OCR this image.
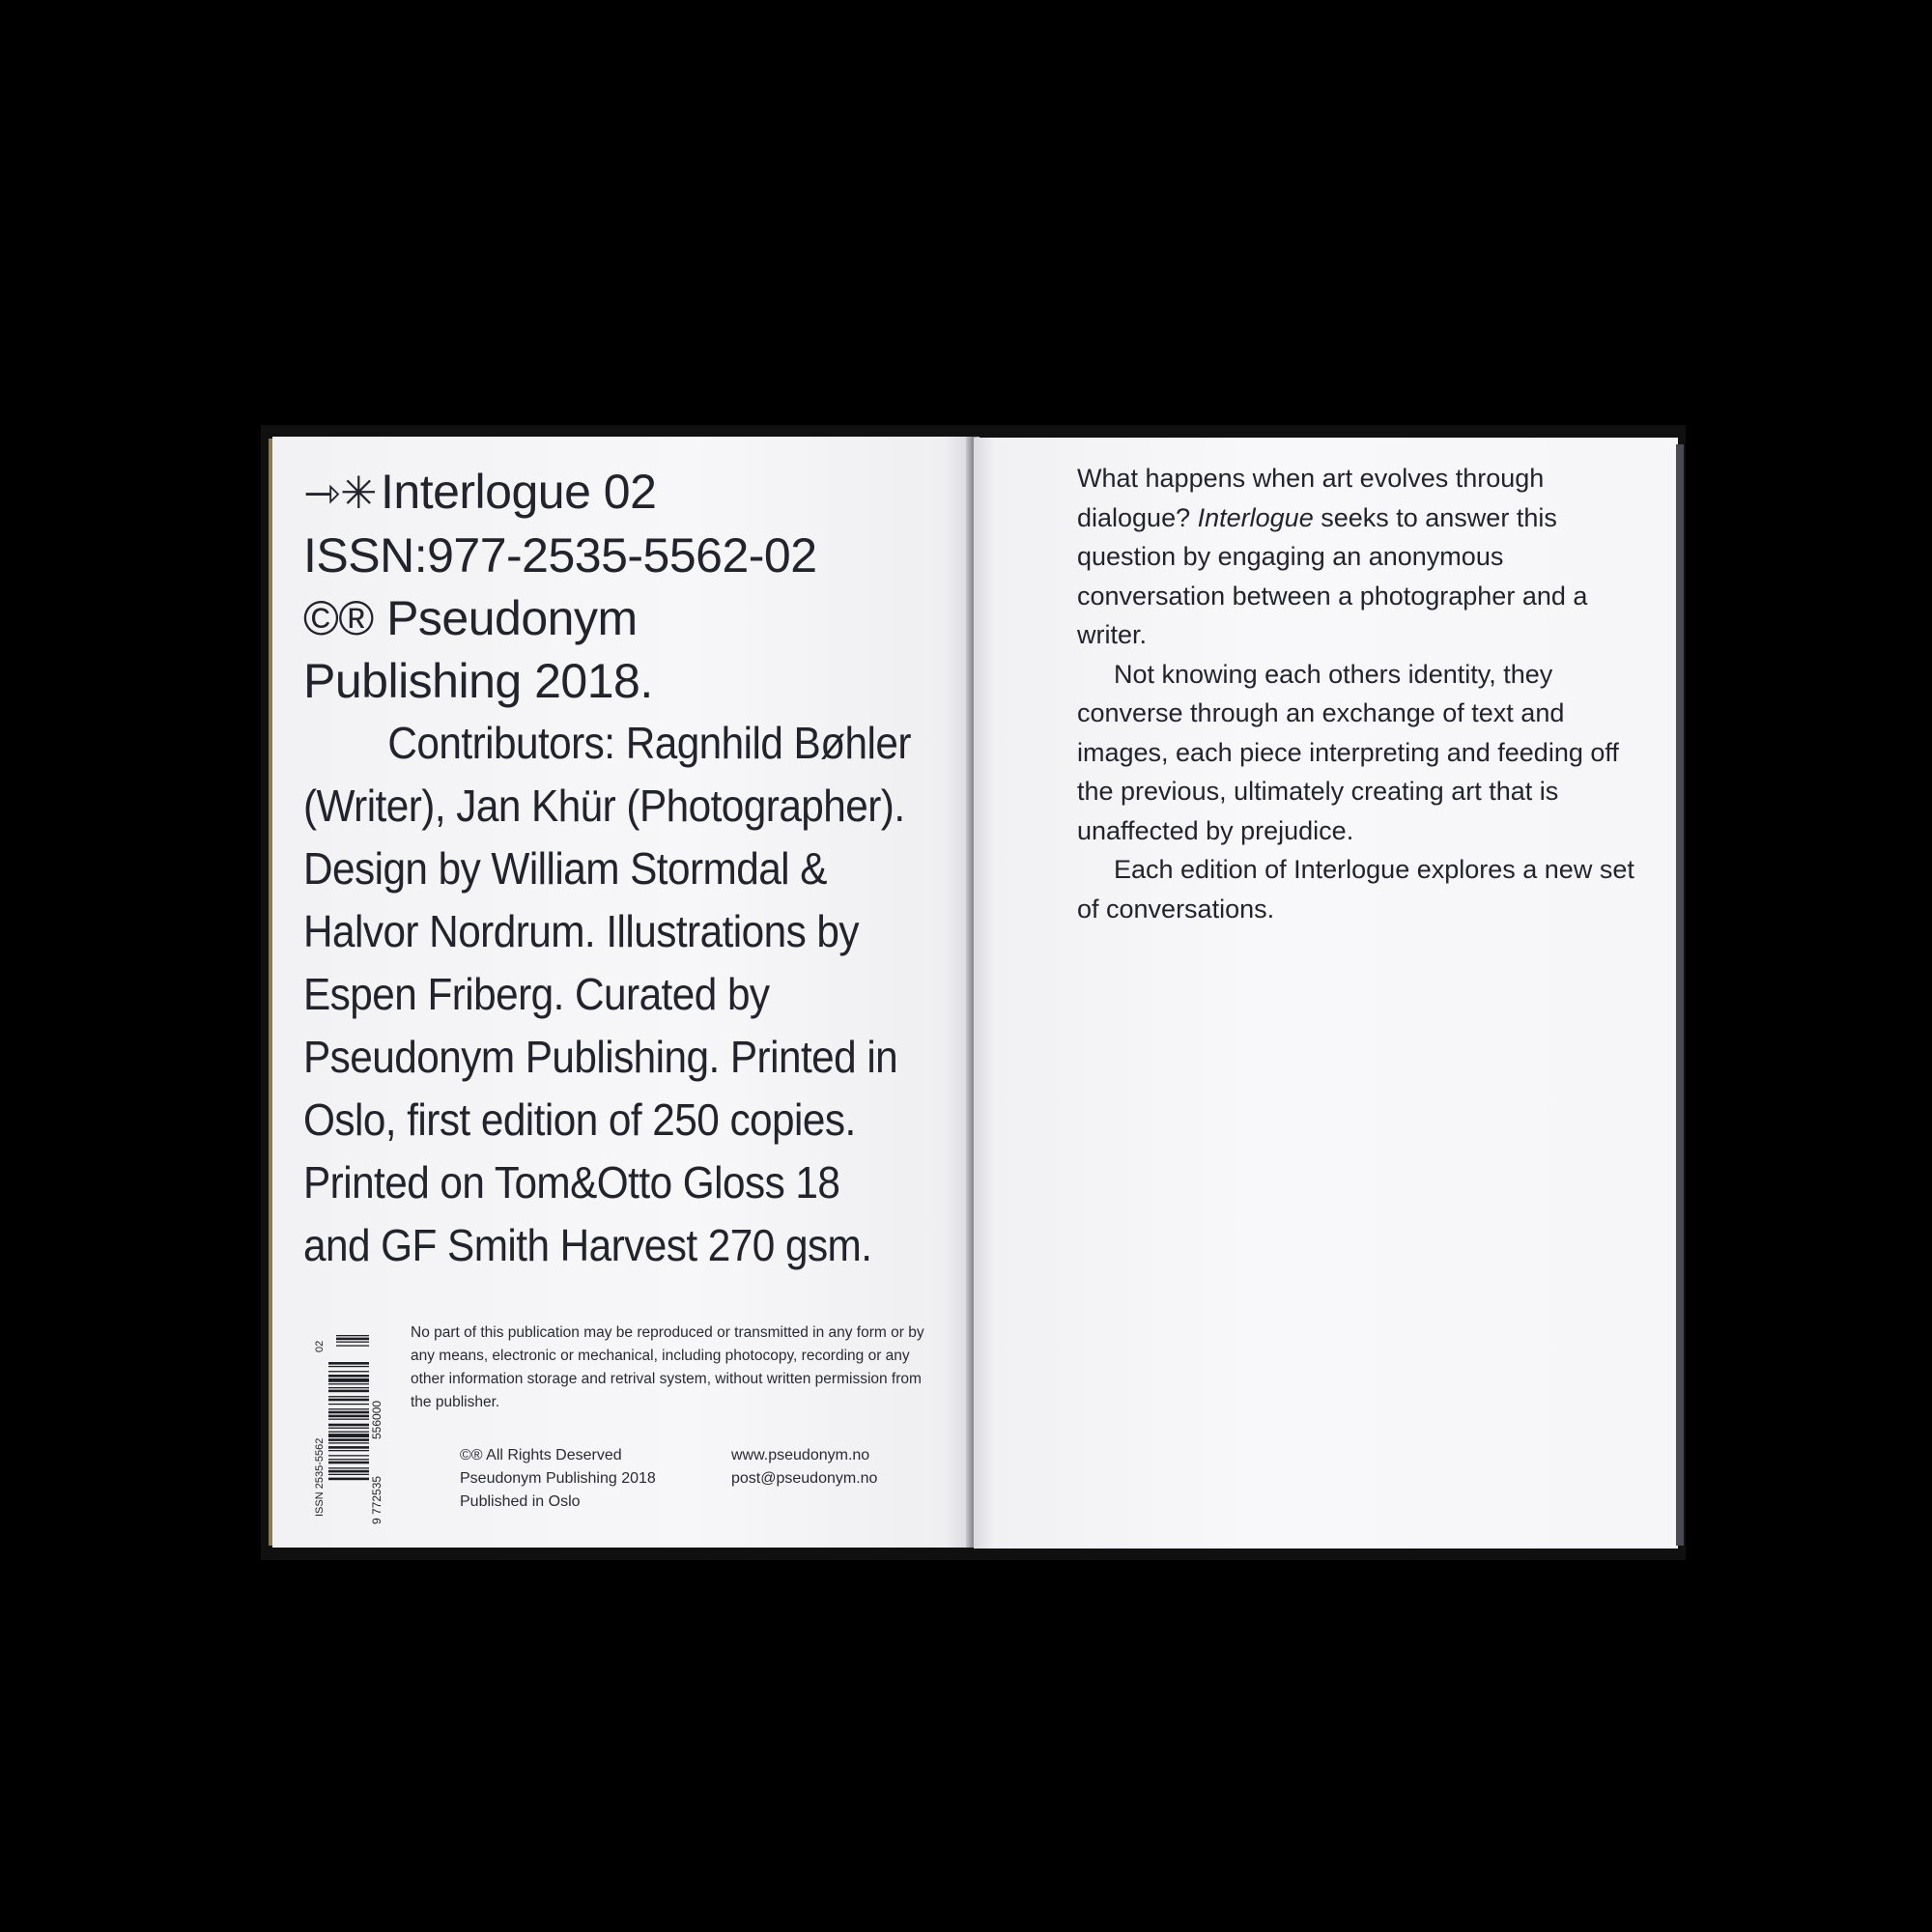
⇾✳Interlogue 02
ISSN:977-2535-5562-02
©® Pseudonym
Publishing 2018.
Contributors: Ragnhild Bøhler (Writer), Jan Khür (Photographer). Design by William Stormdal & Halvor Nordrum. Illustrations by Espen Friberg. Curated by Pseudonym Publishing. Printed in Oslo, first edition of 250 copies. Printed on Tom&Otto Gloss 18 and GF Smith Harvest 270 gsm.
ISSN 2535-5562	9 772535
556000
02
No part of this publication may be reproduced or transmitted in any form or by any means, electronic or mechanical, including photocopy, recording or any other information storage and retrival system, without written permission from the publisher.
©® All Rights Deserved
Pseudonym Publishing 2018
Published in Oslo
www.pseudonym.no
post@pseudonym.no

What happens when art evolves through dialogue? Interlogue seeks to answer this question by engaging an anonymous conversation between a photographer and a writer.

Not knowing each others identity, they converse through an exchange of text and images, each piece interpreting and feeding off the previous, ultimately creating art that is unaffected by prejudice.

Each edition of Interlogue explores a new set of conversations.
